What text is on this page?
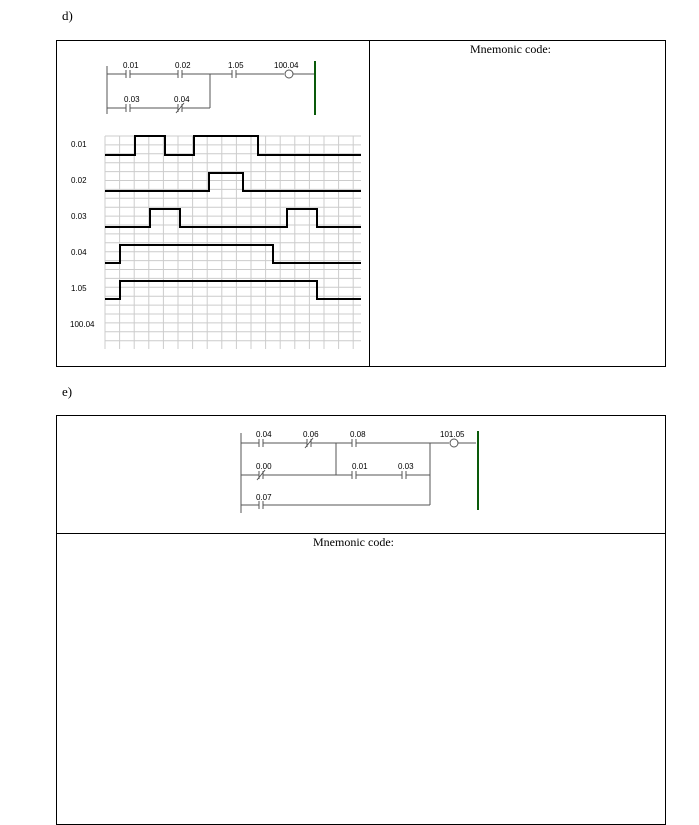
d)
Mnemonic code:
0.01	0.02	1.05	100.04
0.03	0.04
0.01
0.02
0.03
0.04
1.05
100.04
e)
Mnemonic code:
0.04	0.06	0.08	101.05
0.00	0.01	0.03
0.07
